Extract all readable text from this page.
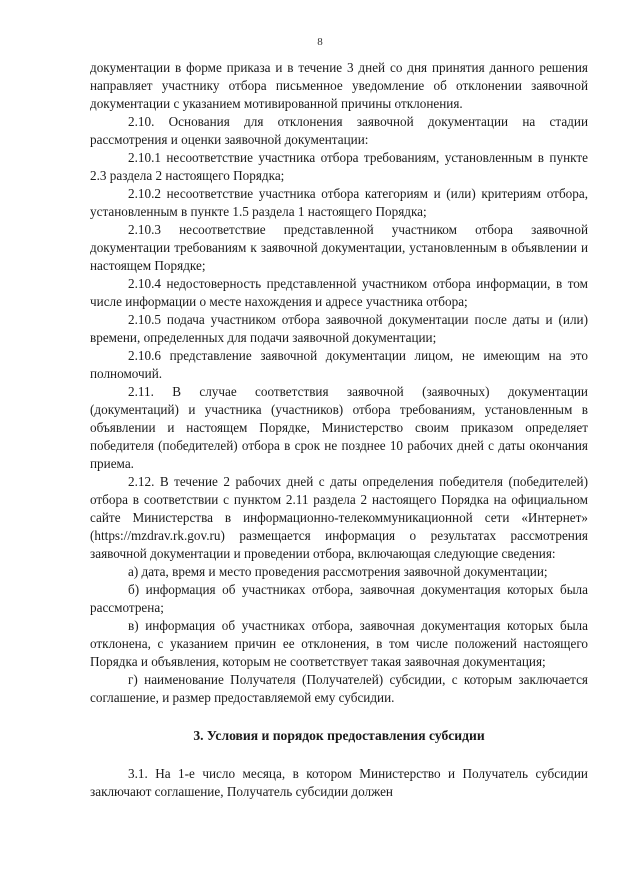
8

документации в форме приказа и в течение 3 дней со дня принятия данного решения направляет участнику отбора письменное уведомление об отклонении заявочной документации с указанием мотивированной причины отклонения.

2.10. Основания для отклонения заявочной документации на стадии рассмотрения и оценки заявочной документации:

2.10.1 несоответствие участника отбора требованиям, установленным в пункте 2.3 раздела 2 настоящего Порядка;

2.10.2 несоответствие участника отбора категориям и (или) критериям отбора, установленным в пункте 1.5 раздела 1 настоящего Порядка;

2.10.3 несоответствие представленной участником отбора заявочной документации требованиям к заявочной документации, установленным в объявлении и настоящем Порядке;

2.10.4 недостоверность представленной участником отбора информации, в том числе информации о месте нахождения и адресе участника отбора;

2.10.5 подача участником отбора заявочной документации после даты и (или) времени, определенных для подачи заявочной документации;

2.10.6 представление заявочной документации лицом, не имеющим на это полномочий.

2.11. В случае соответствия заявочной (заявочных) документации (документаций) и участника (участников) отбора требованиям, установленным в объявлении и настоящем Порядке, Министерство своим приказом определяет победителя (победителей) отбора в срок не позднее 10 рабочих дней с даты окончания приема.

2.12. В течение 2 рабочих дней с даты определения победителя (победителей) отбора в соответствии с пунктом 2.11 раздела 2 настоящего Порядка на официальном сайте Министерства в информационно-телекоммуникационной сети «Интернет» (https://mzdrav.rk.gov.ru) размещается информация о результатах рассмотрения заявочной документации и проведении отбора, включающая следующие сведения:

а) дата, время и место проведения рассмотрения заявочной документации;

б) информация об участниках отбора, заявочная документация которых была рассмотрена;

в) информация об участниках отбора, заявочная документация которых была отклонена, с указанием причин ее отклонения, в том числе положений настоящего Порядка и объявления, которым не соответствует такая заявочная документация;

г) наименование Получателя (Получателей) субсидии, с которым заключается соглашение, и размер предоставляемой ему субсидии.

3. Условия и порядок предоставления субсидии

3.1. На 1-е число месяца, в котором Министерство и Получатель субсидии заключают соглашение, Получатель субсидии должен
